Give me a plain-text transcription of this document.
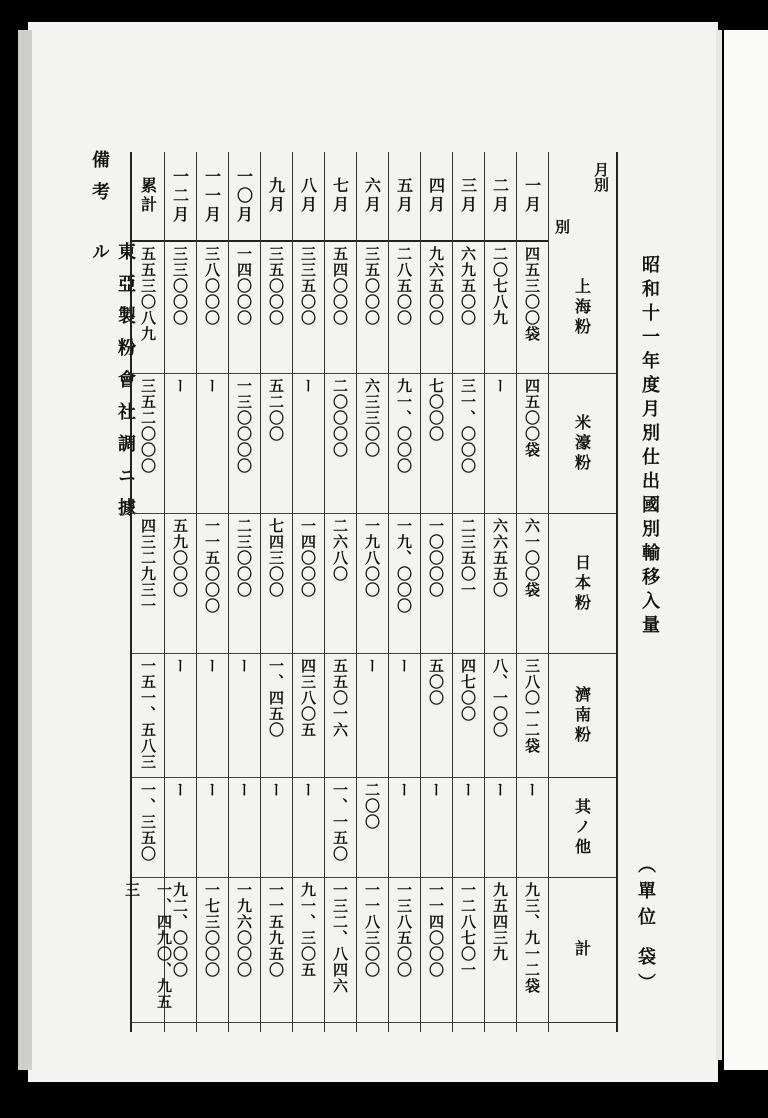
昭和十一年度月別仕出國別輸移入量
（單位 袋）
備考
東亞製粉會社調ニ據ル
月別
別
上海粉
米濠粉
日本粉
濟南粉
其ノ他
計
一月
四五三〇〇袋
四五〇〇袋
六一〇〇袋
三八〇一二袋
ー
九三、九一二袋
二月
二〇七八九
ー
六六五五〇
八、一〇〇
ー
九五四三九
三月
六九五〇〇
三一、〇〇〇
二三五〇一
四七〇〇
ー
一二八七〇一
四月
九六五〇〇
七〇〇〇
一〇〇〇〇
五〇〇
ー
一一四〇〇〇
五月
二八五〇〇
九一、〇〇〇
一九、〇〇〇
ー
ー
一三八五〇〇
六月
三五〇〇〇
六三三〇〇
一九八〇〇
ー
二〇〇
一一八三〇〇
七月
五四〇〇〇
二〇〇〇〇
二六八〇
五五〇一六
一、一五〇
一三二、八四六
八月
三三五〇〇
ー
一四〇〇〇
四三八〇五
ー
九一、三〇五
九月
三五〇〇〇
五二〇〇
七四三〇〇
一、四五〇
ー
一一五九五〇
一〇月
一四〇〇〇
一三〇〇〇〇
二三〇〇〇
ー
ー
一九六〇〇〇
一一月
三八〇〇〇
ー
一一五〇〇〇
ー
ー
一七三〇〇〇
一二月
三三〇〇〇
ー
五九〇〇〇
ー
ー
九二、〇〇〇
累計
五五三〇八九
三五二〇〇〇
四三二九三一
一五一、五八三
一、三五〇
一、四九〇、九五三
